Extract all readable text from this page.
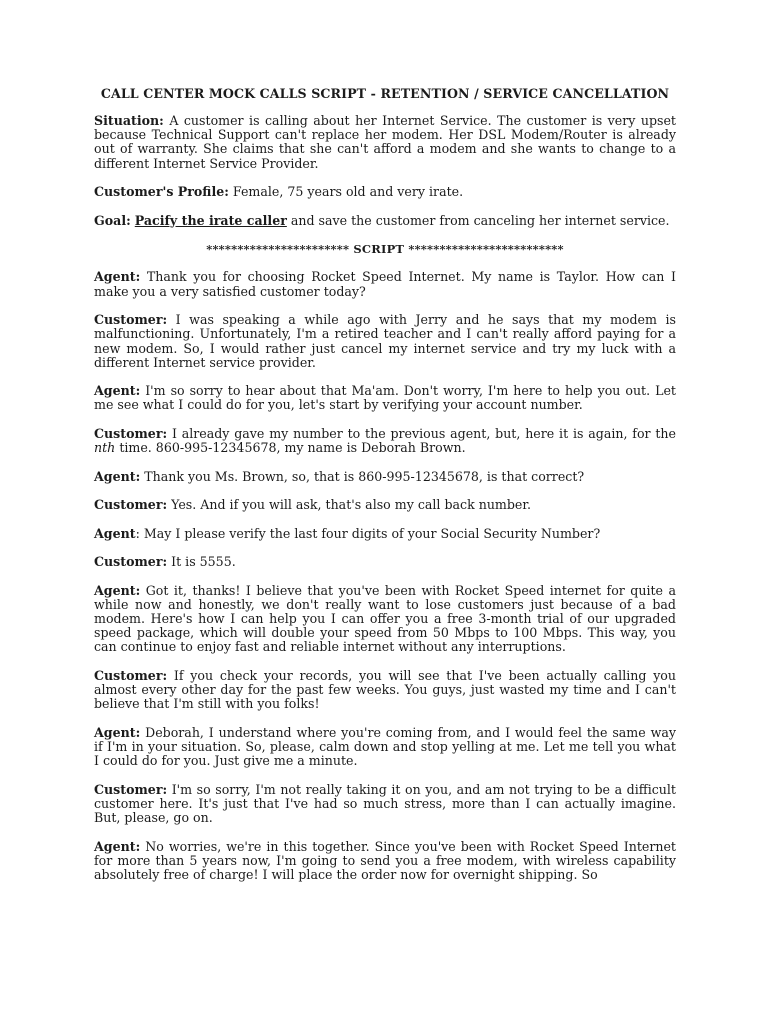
CALL CENTER MOCK CALLS SCRIPT - RETENTION / SERVICE CANCELLATION

Situation: A customer is calling about her Internet Service. The customer is very upset because Technical Support can't replace her modem. Her DSL Modem/Router is already out of warranty. She claims that she can't afford a modem and she wants to change to a different Internet Service Provider.

Customer's Profile: Female, 75 years old and very irate.

Goal: Pacify the irate caller and save the customer from canceling her internet service.

*********************** SCRIPT *************************

Agent: Thank you for choosing Rocket Speed Internet. My name is Taylor. How can I make you a very satisfied customer today?

Customer: I was speaking a while ago with Jerry and he says that my modem is malfunctioning. Unfortunately, I'm a retired teacher and I can't really afford paying for a new modem. So, I would rather just cancel my internet service and try my luck with a different Internet service provider.

Agent: I'm so sorry to hear about that Ma'am. Don't worry, I'm here to help you out. Let me see what I could do for you, let's start by verifying your account number.

Customer: I already gave my number to the previous agent, but, here it is again, for the nth time. 860-995-12345678, my name is Deborah Brown.

Agent: Thank you Ms. Brown, so, that is 860-995-12345678, is that correct?

Customer: Yes. And if you will ask, that's also my call back number.

Agent: May I please verify the last four digits of your Social Security Number?

Customer: It is 5555.

Agent: Got it, thanks! I believe that you've been with Rocket Speed internet for quite a while now and honestly, we don't really want to lose customers just because of a bad modem. Here's how I can help you I can offer you a free 3-month trial of our upgraded speed package, which will double your speed from 50 Mbps to 100 Mbps. This way, you can continue to enjoy fast and reliable internet without any interruptions.

Customer: If you check your records, you will see that I've been actually calling you almost every other day for the past few weeks. You guys, just wasted my time and I can't believe that I'm still with you folks!

Agent: Deborah, I understand where you're coming from, and I would feel the same way if I'm in your situation. So, please, calm down and stop yelling at me. Let me tell you what I could do for you. Just give me a minute.

Customer: I'm so sorry, I'm not really taking it on you, and am not trying to be a difficult customer here. It's just that I've had so much stress, more than I can actually imagine. But, please, go on.

Agent: No worries, we're in this together. Since you've been with Rocket Speed Internet for more than 5 years now, I'm going to send you a free modem, with wireless capability absolutely free of charge! I will place the order now for overnight shipping. So
